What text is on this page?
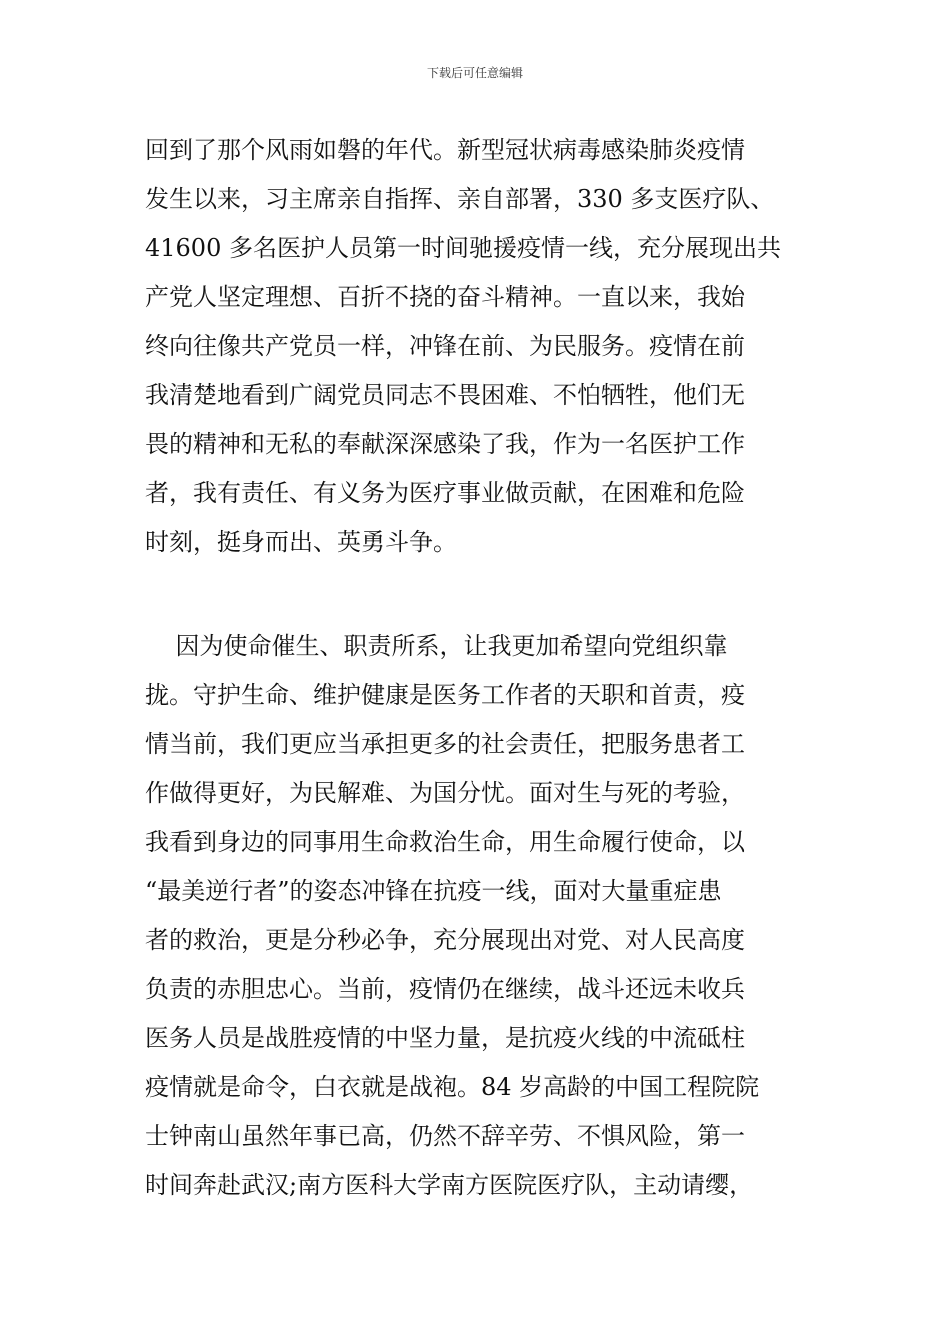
下载后可任意编辑
回到了那个风雨如磐的年代。新型冠状病毒感染肺炎疫情
发生以来，习主席亲自指挥、亲自部署，330 多支医疗队、
41600 多名医护人员第一时间驰援疫情一线，充分展现出共
产党人坚定理想、百折不挠的奋斗精神。一直以来，我始
终向往像共产党员一样，冲锋在前、为民服务。疫情在前
我清楚地看到广阔党员同志不畏困难、不怕牺牲，他们无
畏的精神和无私的奉献深深感染了我，作为一名医护工作
者，我有责任、有义务为医疗事业做贡献，在困难和危险
时刻，挺身而出、英勇斗争。
因为使命催生、职责所系，让我更加希望向党组织靠
拢。守护生命、维护健康是医务工作者的天职和首责，疫
情当前，我们更应当承担更多的社会责任，把服务患者工
作做得更好，为民解难、为国分忧。面对生与死的考验，
我看到身边的同事用生命救治生命，用生命履行使命，以
“最美逆行者”的姿态冲锋在抗疫一线，面对大量重症患
者的救治，更是分秒必争，充分展现出对党、对人民高度
负责的赤胆忠心。当前，疫情仍在继续，战斗还远未收兵
医务人员是战胜疫情的中坚力量，是抗疫火线的中流砥柱
疫情就是命令，白衣就是战袍。84 岁高龄的中国工程院院
士钟南山虽然年事已高，仍然不辞辛劳、不惧风险，第一
时间奔赴武汉;南方医科大学南方医院医疗队，主动请缨，
